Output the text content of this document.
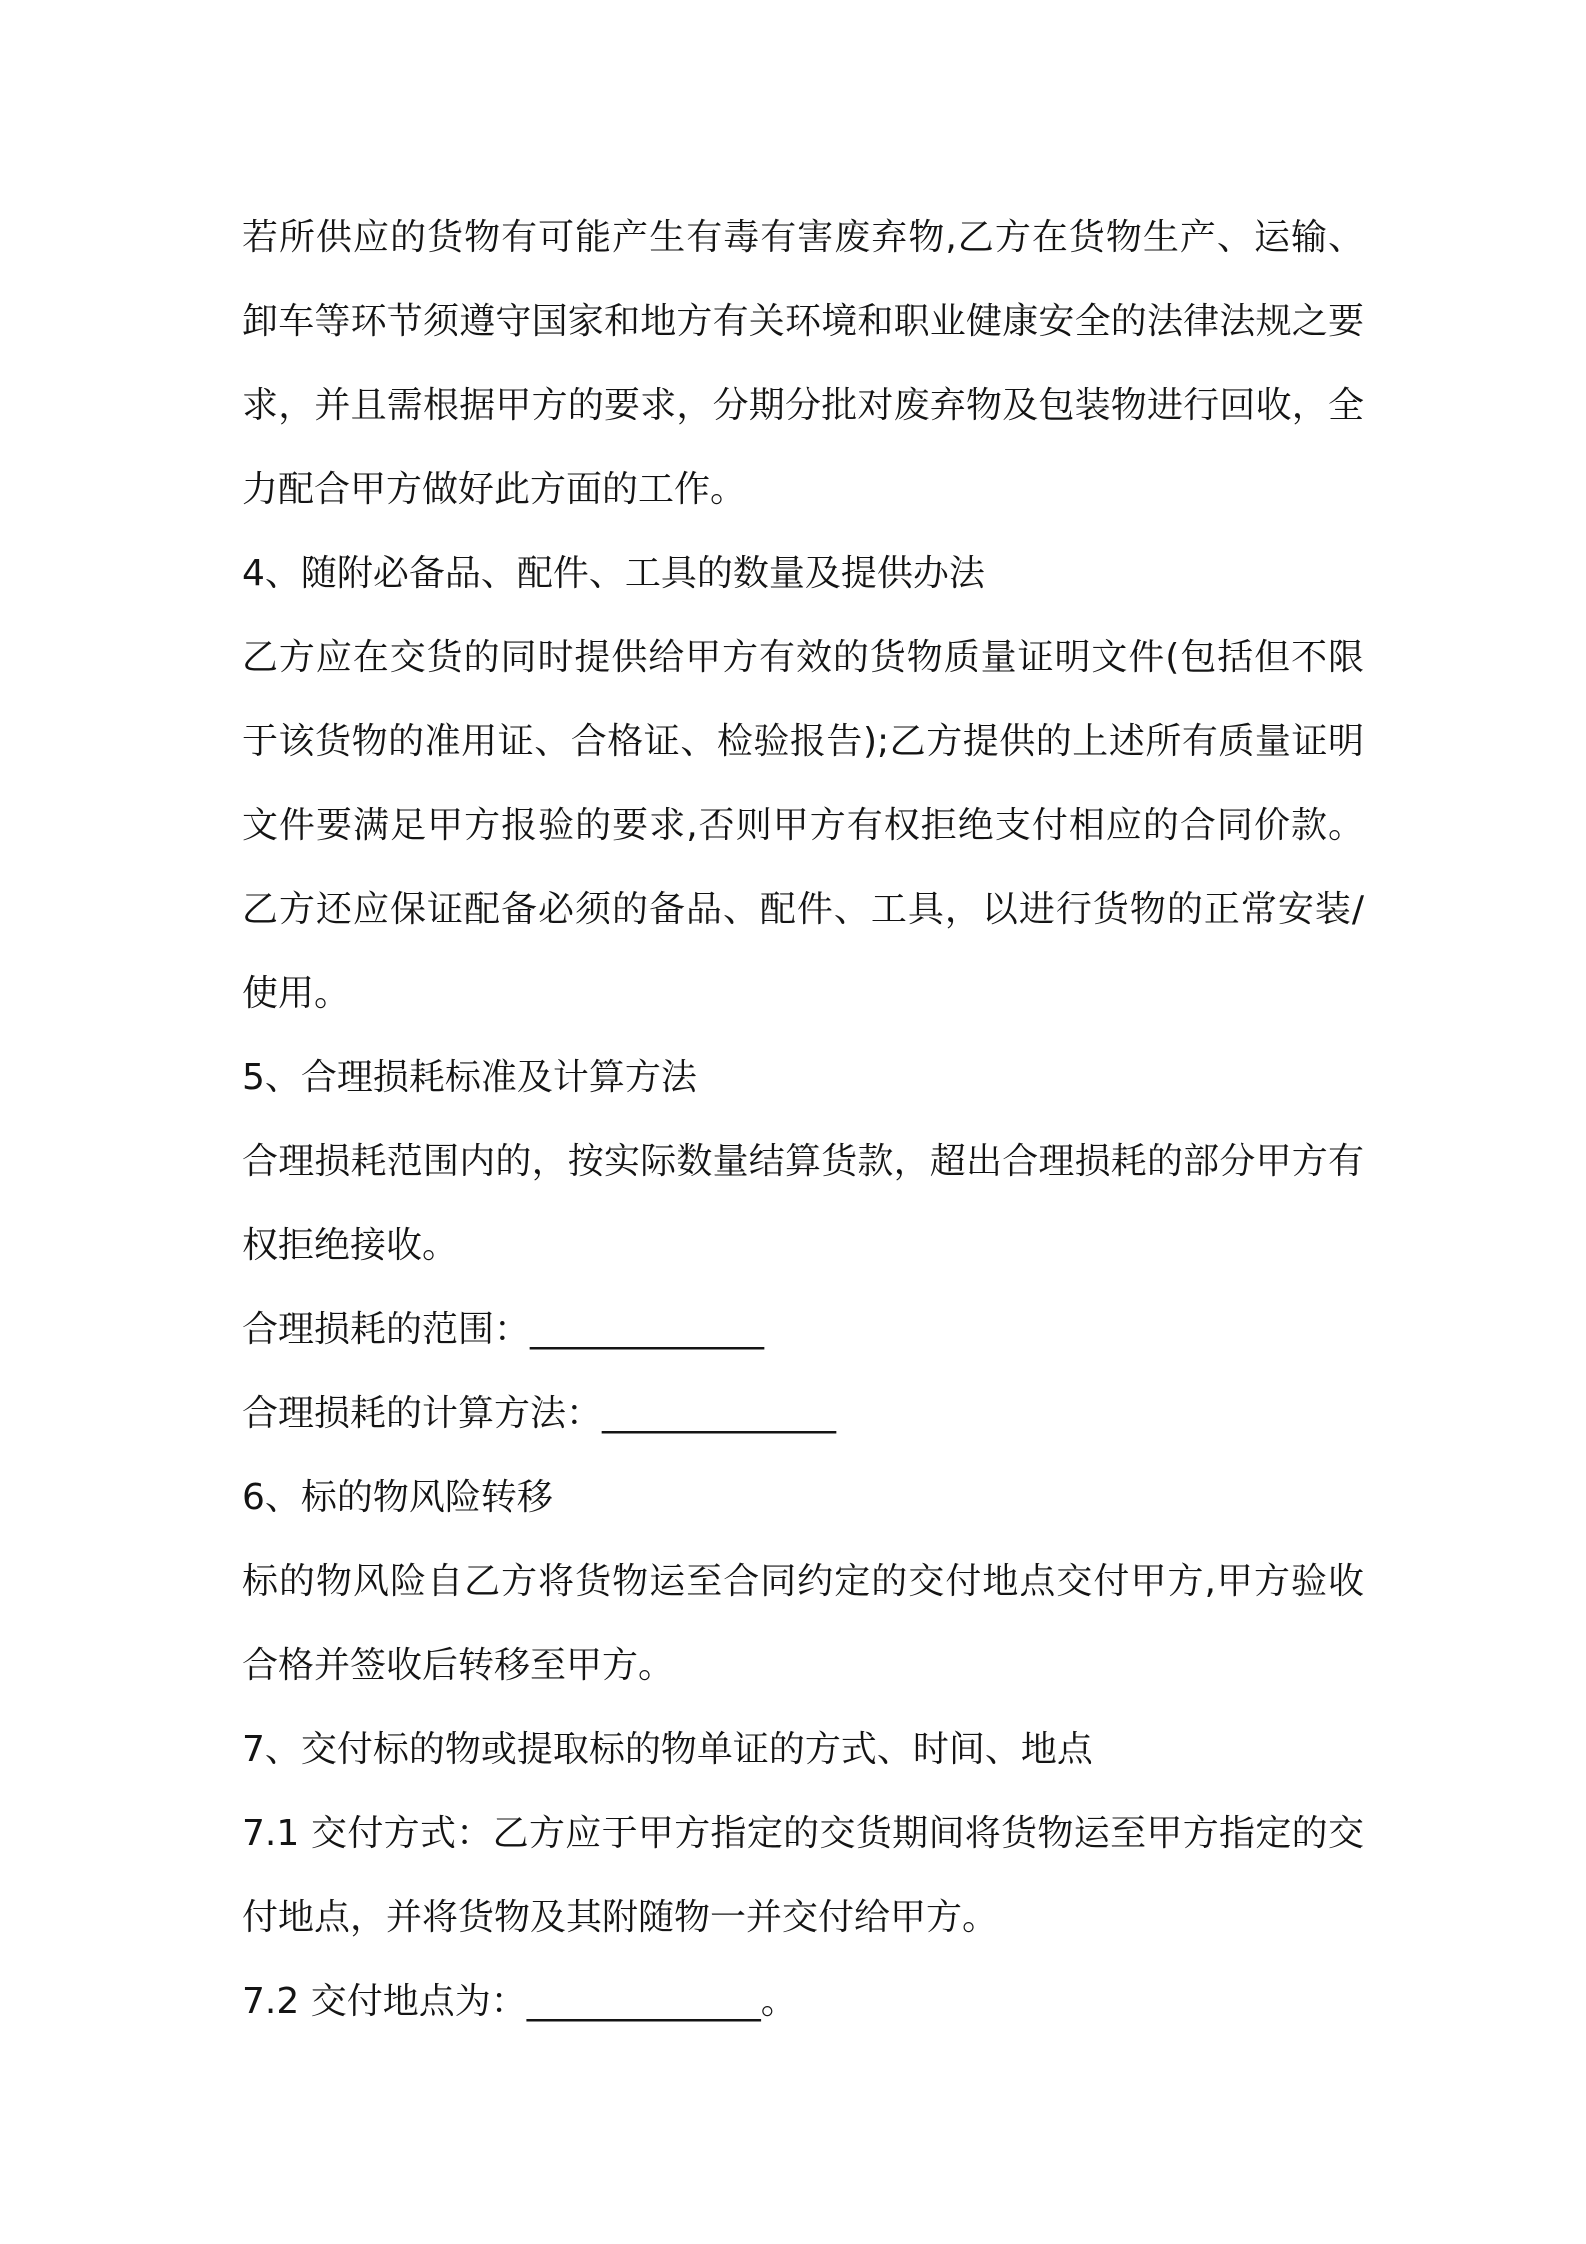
若所供应的货物有可能产生有毒有害废弃物,乙方在货物生产、运输、卸车等环节须遵守国家和地方有关环境和职业健康安全的法律法规之要求，并且需根据甲方的要求，分期分批对废弃物及包装物进行回收，全力配合甲方做好此方面的工作。

4、随附必备品、配件、工具的数量及提供办法

乙方应在交货的同时提供给甲方有效的货物质量证明文件(包括但不限于该货物的准用证、合格证、检验报告);乙方提供的上述所有质量证明文件要满足甲方报验的要求,否则甲方有权拒绝支付相应的合同价款。乙方还应保证配备必须的备品、配件、工具，以进行货物的正常安装/使用。

5、合理损耗标准及计算方法

合理损耗范围内的，按实际数量结算货款，超出合理损耗的部分甲方有权拒绝接收。

合理损耗的范围：_____________

合理损耗的计算方法：_____________

6、标的物风险转移

标的物风险自乙方将货物运至合同约定的交付地点交付甲方,甲方验收合格并签收后转移至甲方。

7、交付标的物或提取标的物单证的方式、时间、地点

7.1 交付方式：乙方应于甲方指定的交货期间将货物运至甲方指定的交付地点，并将货物及其附随物一并交付给甲方。

7.2 交付地点为：_____________。
